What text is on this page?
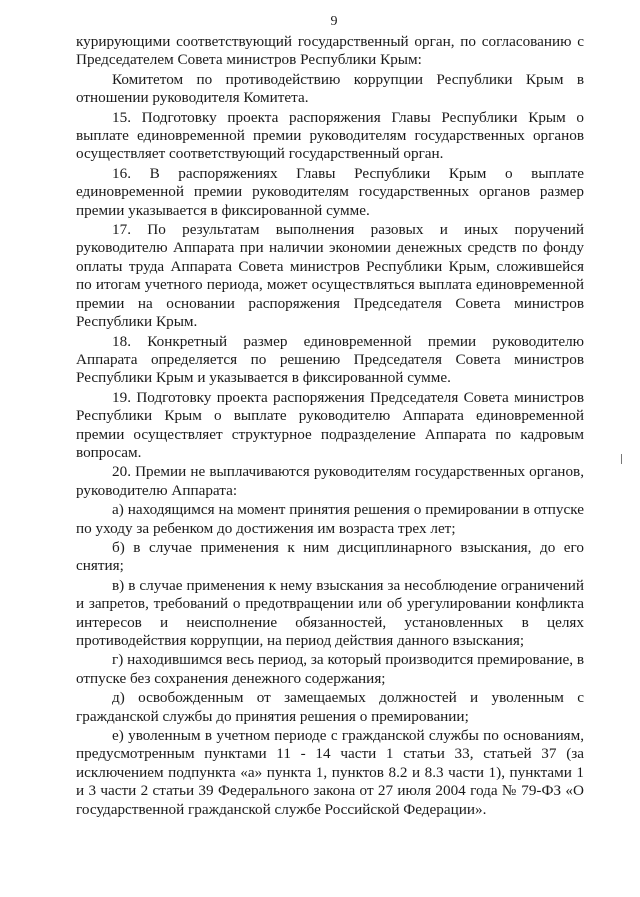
9

курирующими соответствующий государственный орган, по согласованию с Председателем Совета министров Республики Крым:

Комитетом по противодействию коррупции Республики Крым в отношении руководителя Комитета.

15. Подготовку проекта распоряжения Главы Республики Крым о выплате единовременной премии руководителям государственных органов осуществляет соответствующий государственный орган.

16. В распоряжениях Главы Республики Крым о выплате единовременной премии руководителям государственных органов размер премии указывается в фиксированной сумме.

17. По результатам выполнения разовых и иных поручений руководителю Аппарата при наличии экономии денежных средств по фонду оплаты труда Аппарата Совета министров Республики Крым, сложившейся по итогам учетного периода, может осуществляться выплата единовременной премии на основании распоряжения Председателя Совета министров Республики Крым.

18. Конкретный размер единовременной премии руководителю Аппарата определяется по решению Председателя Совета министров Республики Крым и указывается в фиксированной сумме.

19. Подготовку проекта распоряжения Председателя Совета министров Республики Крым о выплате руководителю Аппарата единовременной премии осуществляет структурное подразделение Аппарата по кадровым вопросам.

20. Премии не выплачиваются руководителям государственных органов, руководителю Аппарата:

а) находящимся на момент принятия решения о премировании в отпуске по уходу за ребенком до достижения им возраста трех лет;

б) в случае применения к ним дисциплинарного взыскания, до его снятия;

в) в случае применения к нему взыскания за несоблюдение ограничений и запретов, требований о предотвращении или об урегулировании конфликта интересов и неисполнение обязанностей, установленных в целях противодействия коррупции, на период действия данного взыскания;

г) находившимся весь период, за который производится премирование, в отпуске без сохранения денежного содержания;

д) освобожденным от замещаемых должностей и уволенным с гражданской службы до принятия решения о премировании;

е) уволенным в учетном периоде с гражданской службы по основаниям, предусмотренным пунктами 11 - 14 части 1 статьи 33, статьей 37 (за исключением подпункта «а» пункта 1, пунктов 8.2 и 8.3 части 1), пунктами 1 и 3 части 2 статьи 39 Федерального закона от 27 июля 2004 года № 79-ФЗ «О государственной гражданской службе Российской Федерации».
